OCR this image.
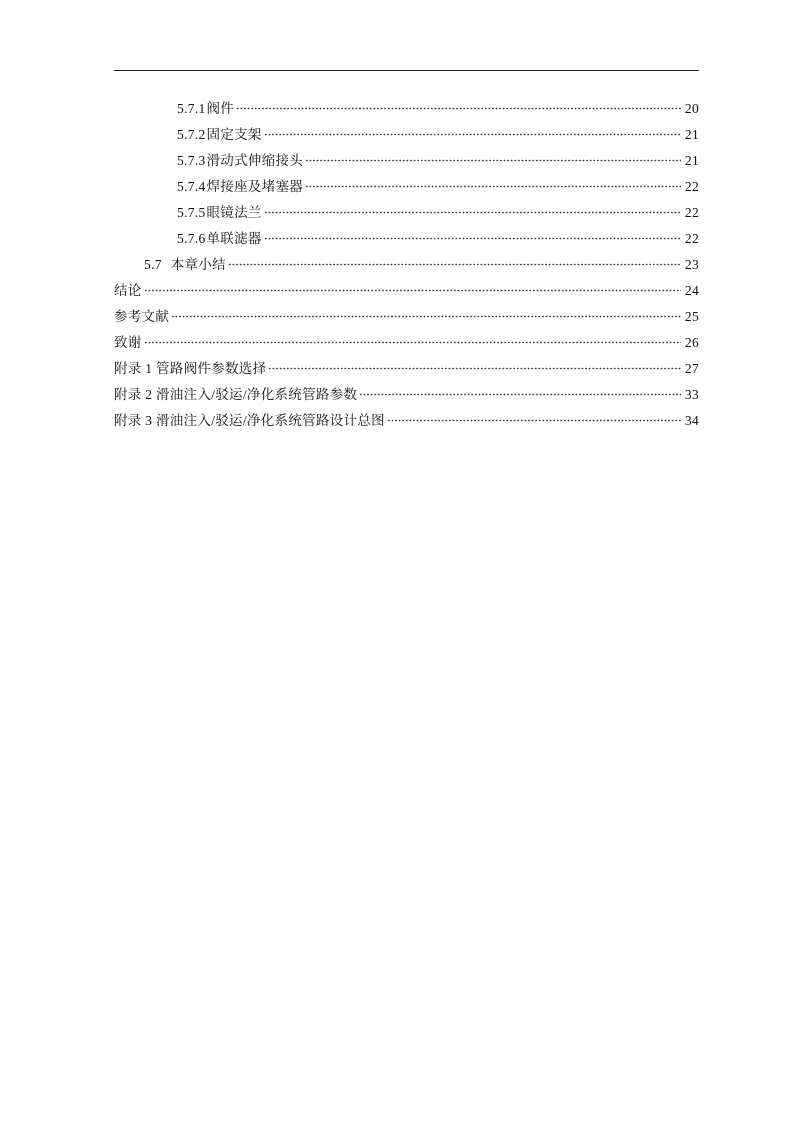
5.7.1阀件	20
5.7.2固定支架	21
5.7.3滑动式伸缩接头	21
5.7.4焊接座及堵塞器	22
5.7.5眼镜法兰	22
5.7.6单联滤器	22
5.7 本章小结	23
结论	24
参考文献	25
致谢	26
附录 1 管路阀件参数选择	27
附录 2 滑油注入/驳运/净化系统管路参数	33
附录 3 滑油注入/驳运/净化系统管路设计总图	34
